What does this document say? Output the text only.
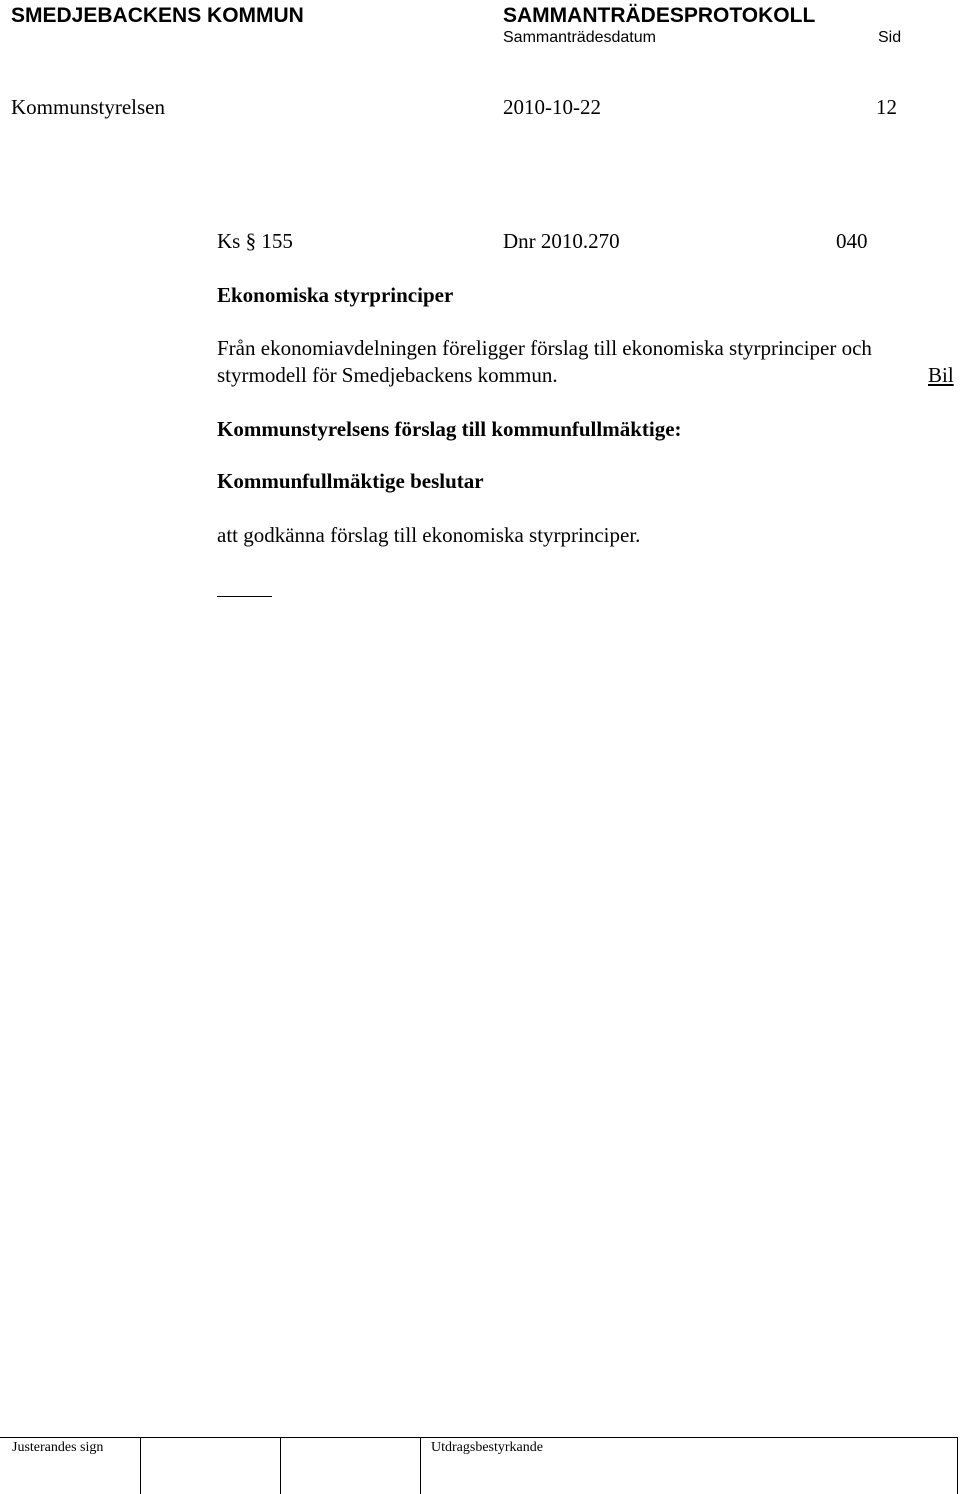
SMEDJEBACKENS KOMMUN	SAMMANTRÄDESPROTOKOLL
Sammanträdesdatum	Sid
Kommunstyrelsen	2010-10-22	12
Ks § 155	Dnr 2010.270	040
Ekonomiska styrprinciper
Från ekonomiavdelningen föreligger förslag till ekonomiska styrprinciper och
styrmodell för Smedjebackens kommun.	Bil
Kommunstyrelsens förslag till kommunfullmäktige:
Kommunfullmäktige beslutar
att godkänna förslag till ekonomiska styrprinciper.
Justerandes sign	Utdragsbestyrkande
